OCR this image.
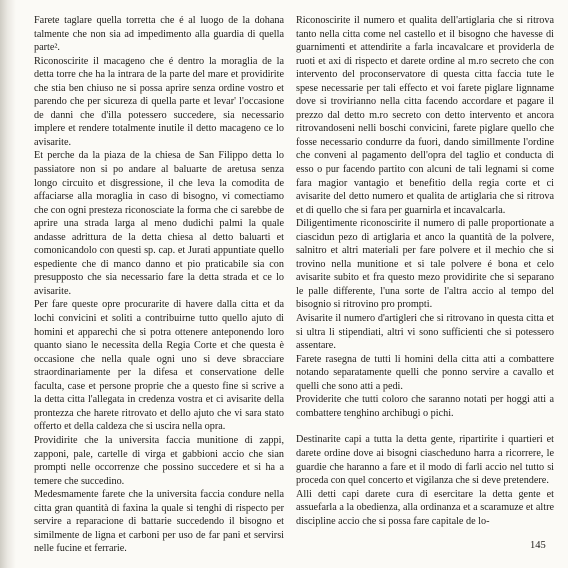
Farete taglare quella torretta che é al luogo de la dohana talmente che non sia ad impedimento alla guardia di quella parte².

Riconoscirite il macageno che é dentro la moraglia de la detta torre che ha la intrara de la parte del mare et providirite che stia ben chiuso ne si possa aprire senza ordine vostro et parendo che per sicureza di quella parte et levar' l'occasione de danni che d'illa potessero succedere, sia necessario implere et rendere totalmente inutile il detto macageno ce lo avisarite.

Et perche da la piaza de la chiesa de San Filippo detta lo passiatore non si po andare al baluarte de aretusa senza longo circuito et disgressione, il che leva la comodita de affaciarse alla moraglia in caso di bisogno, vi comectiamo che con ogni presteza riconosciate la forma che ci sarebbe de aprire una strada larga al meno dudichi palmi la quale andasse adrittura de la detta chiesa al detto baluarti et comonicandolo con questi sp. cap. et Jurati appuntiate quello espediente che di manco danno et pio praticabile sia con presupposto che sia necessario fare la detta strada et ce lo avisarite.

Per fare queste opre procurarite di havere dalla citta et da lochi convicini et soliti a contribuirne tutto quello ajuto di homini et apparechi che si potra ottenere anteponendo loro quanto siano le necessita della Regia Corte et che questa è occasione che nella quale ogni uno si deve sbracciare straordinariamente per la difesa et conservatione delle faculta, case et persone proprie che a questo fine si scrive a la detta citta l'allegata in credenza vostra et ci avisarite della prontezza che harete ritrovato et dello ajuto che vi sara stato offerto et della caldeza che si uscira nella opra.

Providirite che la universita faccia munitione di zappi, zapponi, pale, cartelle di virga et gabbioni accio che sian prompti nelle occorrenze che possino succedere et si ha a temere che succedino.

Medesmamente farete che la universita faccia condure nella citta gran quantità di faxina la quale si tenghi di rispecto per servire a reparacione di battarie succedendo il bisogno et similmente de ligna et carboni per uso de far pani et servirsi nelle fucine et ferrarie.

Riconoscirite il numero et qualita dell'artiglaria che si ritrova tanto nella citta come nel castello et il bisogno che havesse di guarnimenti et attendirite a farla incavalcare et providerla de ruoti et axi di rispecto et darete ordine al m.ro secreto che con intervento del proconservatore di questa citta faccia tute le spese necessarie per tali effecto et voi farete piglare lignname dove si trovirianno nella citta facendo accordare et pagare il prezzo dal detto m.ro secreto con detto intervento et ancora ritrovandoseni nelli boschi convicini, farete piglare quello che fosse necessario condurre da fuori, dando simillmente l'ordine che conveni al pagamento dell'opra del taglio et conducta di esso o pur facendo partito con alcuni de tali legnami si come fara magior vantagio et benefitio della regia corte et ci avisarite del detto numero et qualita de artiglaria che si ritrova et di quello che si fara per guarnirla et incavalcarla.

Diligentimente riconoscirite il numero di palle proportionate a ciascidun pezo di artiglaria et anco la quantità de la polvere, salnitro et altri materiali per fare polvere et il mechio che si trovino nella munitione et si tale polvere é bona et celo avisarite subito et fra questo mezo providirite che si separano le palle differente, l'una sorte de l'altra accio al tempo del bisognio si ritrovino pro prompti.

Avisarite il numero d'artigleri che si ritrovano in questa citta et si ultra li stipendiati, altri vi sono sufficienti che si potessero assentare.

Farete rasegna de tutti li homini della citta atti a combattere notando separatamente quelli che ponno servire a cavallo et quelli che sono atti a pedi.

Providerite che tutti coloro che saranno notati per hoggi atti a combattere tenghino archibugi o pichi.

Destinarite capi a tutta la detta gente, ripartirite i quartieri et darete ordine dove ai bisogni ciascheduno harra a ricorrere, le guardie che haranno a fare et il modo di farli accio nel tutto si proceda con quel concerto et vigilanza che si deve pretendere.

Alli detti capi darete cura di esercitare la detta gente et assuefarla a la obedienza, alla ordinanza et a scaramuze et altre discipline accio che si possa fare capitale de lo-

145
